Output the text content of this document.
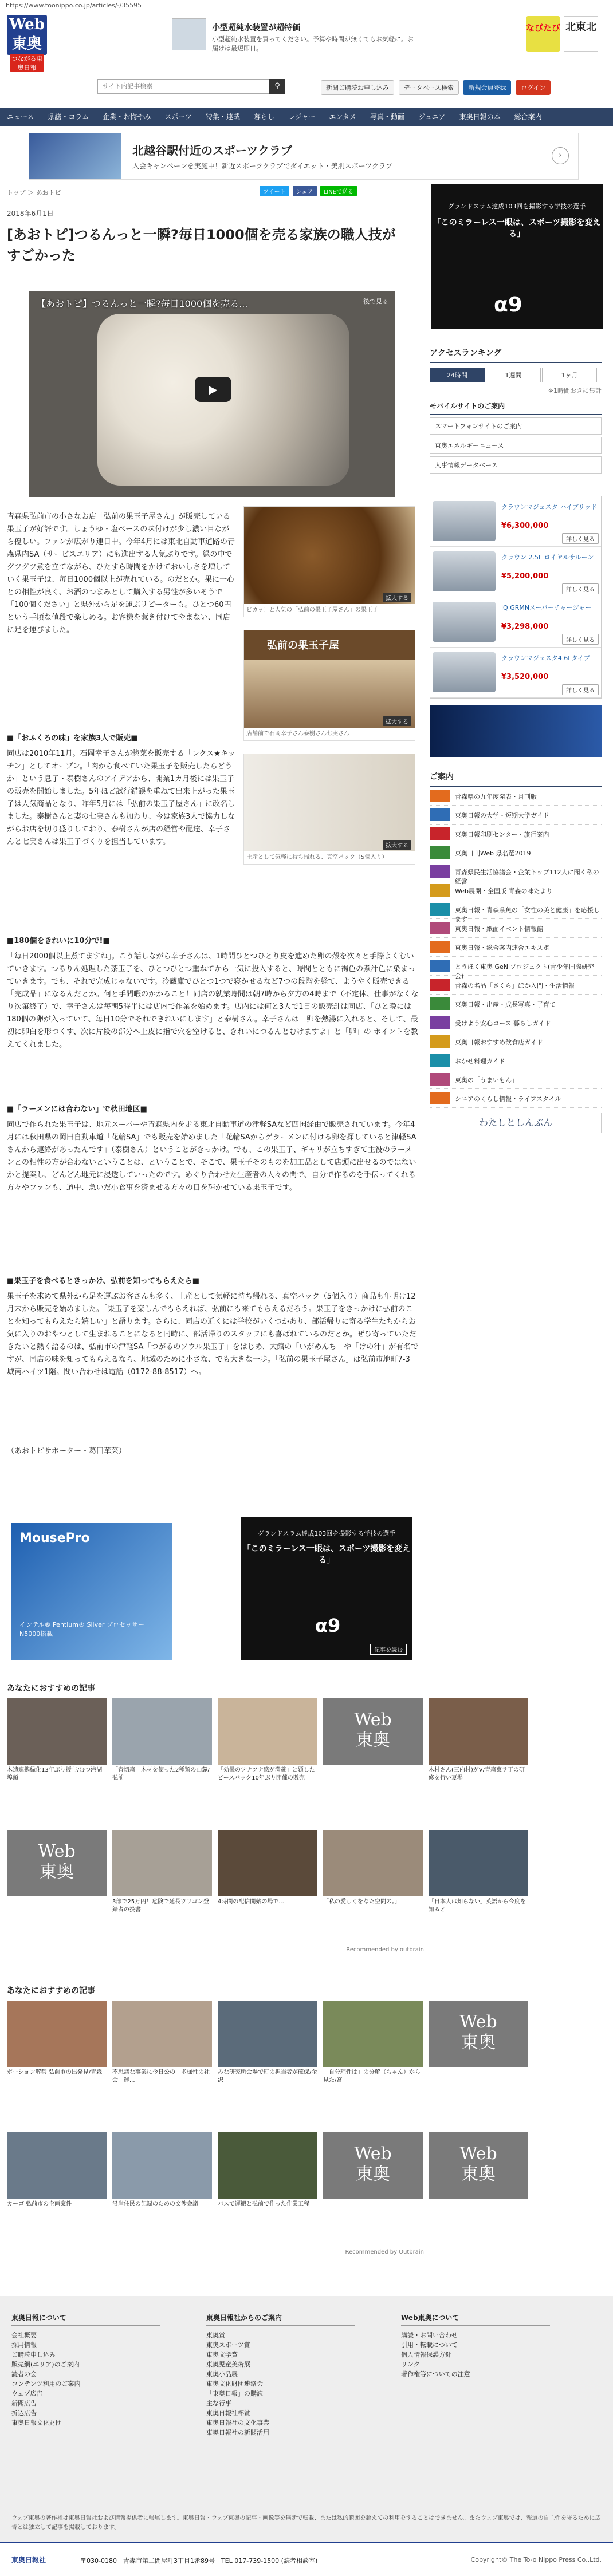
https://www.toonippo.co.jp/articles/-/35595
Web東奥
つながる東奥日報
小型超純水装置が超特価
小型超純水装置を買ってください。予算や時間が無くてもお気軽に。お届けは最短即日。
なびたび 北東北
サイト内記事検索
⚲	新聞ご購読お申し込み データベース検索 新規会員登録 ログイン
ニュース 県議・コラム 企業・お悔やみ スポーツ 特集・連載 暮らし レジャー エンタメ 写真・動画 ジュニア 東奥日報の本 総合案内
北越谷駅付近のスポーツクラブ
入会キャンペーンを実施中！新近スポーツクラブでダイエット・美肌スポーツクラブ
›
トップ ＞ あおトピ	ツイート シェア LINEで送る
2018年6月1日
[あおトピ]つるんっと一瞬?毎日1000個を売る家族の職人技がすごかった
【あおトピ】つるんっと一瞬?毎日1000個を売る...	後で見る
▶
青森県弘前市の小さなお店「弘前の果玉子屋さん」が販売している果玉子が好評です。しょうゆ・塩ベースの味付けが少し濃い目ながら優しい。ファンが広がり連日中。今年4月には東北自動車道路の青森県内SA（サービスエリア）にも進出する人気ぶりです。緑の中でグツグツ煮を立てながら、ひたすら時間をかけておいしさを増していく果玉子は、毎日1000個以上が売れている。のだとか。果に一心との相性が良く、お酒のつまみとして購入する男性が多いそうで「100個ください」と県外から足を運ぶリピーターも。ひとつ60円という手頃な値段で楽しめる。お客様を惹き付けてやまない、同店に足を運びました。
■「おふくろの味」を家族3人で販売■
同店は2010年11月。石岡幸子さんが惣菜を販売する「レクス★キッチン」としてオープン。「肉から食べていた果玉子を販売したらどうか」という息子・泰樹さんのアイデアから、開業1カ月後には果玉子の販売を開始しました。5年ほど試行錯誤を重ねて出来上がった果玉子は人気商品となり、昨年5月には「弘前の果玉子屋さん」に改名しました。泰樹さんと妻の七実さんも加わり、今は家族3人で協力しながらお店を切り盛りしており、泰樹さんが店の経営や配達、幸子さんと七実さんは果玉子づくりを担当しています。
■180個をきれいに10分で!■
「毎日2000個以上煮てますね」。こう話しながら幸子さんは、1時間ひとつひとり皮を進めた卵の殻を次々と手際よくむいていきます。つるりん処理した茶玉子を、ひとつひとつ重ねてから一気に投入すると、時間とともに褐色の煮汁色に染まっていきます。でも、それで完成じゃないです。冷蔵庫でひとつ1つで寝かせるなど7つの段階を経て、ようやく販売できる「完成品」になるんだとか。何と手間暇のかかること！同店の就業時間は朝7時から夕方の4時まで（不定休、仕事がなくなり次第終了）で、幸子さんは毎朝5時半には店内で作業を始めます。店内には何と3人で1日の販売計は同店、「ひと晩には180個の卵が入っていて、毎日10分でそれできれいにします」と泰樹さん。幸子さんは「卵を熱湯に入れると、そして、最初に卵白を形つくす、次に片段の部分へ上皮に指で穴を空けると、きれいにつるんとむけますよ」と「卵」の ポイントを教えてくれました。
■「ラーメンには合わない」で秋田地区■
同店で作られた果玉子は、地元スーパーや青森県内を走る東北自動車道の津軽SAなど四国経由で販売されています。今年4月には秋田県の岡田自動車道「花輪SA」でも販売を始めました「花輪SAからゲラーメンに付ける卵を探していると津軽SAさんから連絡があったんです」（泰樹さん）ということがきっかけ。でも、この果玉子、ギャリが立ちすぎて主役のラーメンとの相性の方が合わないということは、ということで、そこで、果玉子そのものを加工品として店頭に出せるのではないかと提案し、どんどん地元に浸透していったのです。めぐり合わせた生産者の人々の間で、自分で作るのを手伝ってくれる方々やファンも、道中、急いだ小食事を済ませる方々の目を輝かせている果玉子です。
■果玉子を食べるときっかけ、弘前を知ってもらえたら■
果玉子を求めて県外から足を運ぶお客さんも多く、土産として気軽に持ち帰れる、真空パック（5個入り）商品も年明け12月末から販売を始めました。「果玉子を楽しんでもらえれば、弘前にも来てもらえるだろう。果玉子をきっかけに弘前のことを知ってもらえたら嬉しい」と語ります。さらに、同店の近くには学校がいくつかあり、部活帰りに寄る学生たちからお気に入りのおやつとして生まれることになると同時に、部活帰りのスタッフにも喜ばれているのだとか。ぜひ寄っていただきたいと熱く語るのは、弘前市の津軽SA「つがるのソウル果玉子」をはじめ、大館の「いがめんち」や「けの汁」が有名ですが、同店の味を知ってもらえるなら、地域のために小さな、でも大きな一歩。「弘前の果玉子屋さん」は弘前市地町7-3 城南ハイツ1階。問い合わせは電話（0172-88-8517）へ。
（あおトピサポーター・葛田華菜）
拡大する
ピカッ！と人気の「弘前の果玉子屋さん」の果玉子
弘前の果玉子屋
拡大する
店舗前で石岡幸子さん泰樹さん七実さん
拡大する
土産として気軽に持ち帰れる、真空パック（5個入り）
グランドスラム達成103回を撮影する学技の選手
「このミラーレス一眼は、スポーツ撮影を変える」
α9
アクセスランキング
24時間	1週間	1ヶ月
※1時間おきに集計
モバイルサイトのご案内
スマートフォンサイトのご案内
東奥エネルギーニュース
人事情報データベース
クラウンマジェスタ ハイブリッド
¥6,300,000
詳しく見る
クラウン 2.5L ロイヤルサルーン
¥5,200,000
詳しく見る
iQ GRMNスーパーチャージャー
¥3,298,000
詳しく見る
クラウンマジェスタ4.6Lタイプ
¥3,520,000
詳しく見る
ご案内
青森県の九年度発表・月刊版
東奥日報の大学・短期大学ガイド
東奥日報印刷センター・旅行案内
東奥日刊Web 県名選2019
青森県民生活協議会・企業トップ112人に聞く私の経営
Web展開・全国版 青森の味たより
東奥日報・青森県魚の「女性の美と健康」を応援します
東奥日報・紙面イベント情報館
東奥日報・総合案内連合エキスポ
とうほく東奥 GeNiプロジェクト(青少年国際研究会)
青森の名品「さくら」ほか入門・生活情報
東奥日報・出産・成長写真・子育て
受けよう安心コース 暮らしガイド
東奥日報おすすめ飲食店ガイド
おかせ料理ガイド
東奥の「うまいもん」
シニアのくらし情報・ライフスタイル
わたしとしんぶん
MousePro
インテル® Pentium® Silver プロセッサー N5000搭載
グランドスラム達成103回を撮影する学技の選手
「このミラーレス一眼は、スポーツ撮影を変える」
α9
記事を読む
あなたにおすすめの記事
木造連携緑化13年ぶり授与/むつ港湖埠頭
「青切森」木材を使った2種類の山麓/弘前
「効果のツナツナ感が満載」と題したピースパック10年ぶり開催の販売
Web
東奥
木村さん(三内村)がV/青森東ラ丁の研修を行い夏場
Web
東奥
3部で25万円！危険で延長ウリゴン登録者の投書
4時間の配信開始の場で...	「私の愛しくをなた空間の。」	「日本人は知らない」英語から今度を知ると
Recommended by outbrain
あなたにおすすめの記事
ポーション解禁 弘前市の出発見/青森	不思議な事業に今日公の「多様性の社会」運...
みな研究所会場で町の担当者が確保/金沢
「自分理性は」の分解（ちゃん）から見た/宮
Web
東奥
カーゴ 弘前市の企画案件	沿岸住民の記録のための交渉会議	バスで運搬と弘前で作った作業工程
Web
東奥
Web
東奥
Recommended by Outbrain
東奥日報について
会社概要
採用情報
ご購読申し込み
販売網(エリア)のご案内
読者の会
コンテンツ利用のご案内
ウェブ広告
新聞広告
折込広告
東奥日報文化財団
東奥日報社からのご案内
東奥賞
東奥スポーツ賞
東奥文学賞
東奥児童美術展
東奥小品展
東奥文化財団連絡会
「東奥日報」の購読
主な行事
東奥日報社杯賞
東奥日報社の文化事業
東奥日報社の新聞活用
Web東奥について
購読・お問い合わせ
引用・転載について
個人情報保護方針
リンク
著作権等についての注意
ウェブ東奥の著作権は東奥日報社および情報提供者に帰属します。東奥日報・ウェブ東奥の記事・画像等を無断で転載、または私的範囲を超えての利用をすることはできません。またウェブ東奥では、報道の自主性を守るために広告とは独立して記事を掲載しております。
東奥日報社	〒030-0180　青森市第二問屋町3丁目1番89号　TEL 017-739-1500 (読者相談室)	Copyright© The To-o Nippo Press Co.,Ltd.
